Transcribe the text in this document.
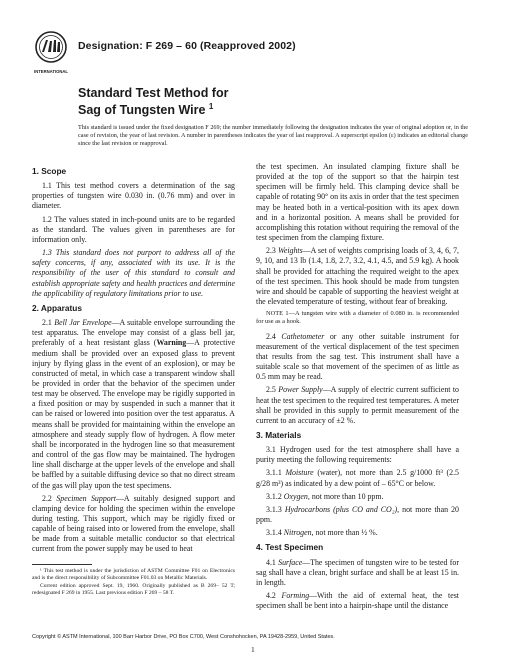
INTERNATIONAL
Designation: F 269 – 60 (Reapproved 2002)
Standard Test Method for
Sag of Tungsten Wire $^1$
This standard is issued under the fixed designation F 269; the number immediately following the designation indicates the year of original adoption or, in the case of revision, the year of last revision. A number in parentheses indicates the year of last reapproval. A superscript epsilon (ε) indicates an editorial change since the last revision or reapproval.
1. Scope

1.1 This test method covers a determination of the sag properties of tungsten wire 0.030 in. (0.76 mm) and over in diameter.

1.2 The values stated in inch-pound units are to be regarded as the standard. The values given in parentheses are for information only.

1.3 This standard does not purport to address all of the safety concerns, if any, associated with its use. It is the responsibility of the user of this standard to consult and establish appropriate safety and health practices and determine the applicability of regulatory limitations prior to use.

2. Apparatus

2.1 Bell Jar Envelope—A suitable envelope surrounding the test apparatus. The envelope may consist of a glass bell jar, preferably of a heat resistant glass (Warning—A protective medium shall be provided over an exposed glass to prevent injury by flying glass in the event of an explosion), or may be constructed of metal, in which case a transparent window shall be provided in order that the behavior of the specimen under test may be observed. The envelope may be rigidly supported in a fixed position or may by suspended in such a manner that it can be raised or lowered into position over the test apparatus. A means shall be provided for maintaining within the envelope an atmosphere and steady supply flow of hydrogen. A flow meter shall be incorporated in the hydrogen line so that measurement and control of the gas flow may be maintained. The hydrogen line shall discharge at the upper levels of the envelope and shall be baffled by a suitable diffusing device so that no direct stream of the gas will play upon the test specimens.

2.2 Specimen Support—A suitably designed support and clamping device for holding the specimen within the envelope during testing. This support, which may be rigidly fixed or capable of being raised into or lowered from the envelope, shall be made from a suitable metallic conductor so that electrical current from the power supply may be used to heat

the test specimen. An insulated clamping fixture shall be provided at the top of the support so that the hairpin test specimen will be firmly held. This clamping device shall be capable of rotating 90° on its axis in order that the test specimen may be heated both in a vertical-position with its apex down and in a horizontal position. A means shall be provided for accomplishing this rotation without requiring the removal of the test specimen from the clamping fixture.

2.3 Weights—A set of weights comprising loads of 3, 4, 6, 7, 9, 10, and 13 lb (1.4, 1.8, 2.7, 3.2, 4.1, 4.5, and 5.9 kg). A hook shall be provided for attaching the required weight to the apex of the test specimen. This hook should be made from tungsten wire and should be capable of supporting the heaviest weight at the elevated temperature of testing, without fear of breaking.

NOTE 1—A tungsten wire with a diameter of 0.080 in. is recommended for use as a hook.

2.4 Cathetometer or any other suitable instrument for measurement of the vertical displacement of the test specimen that results from the sag test. This instrument shall have a suitable scale so that movement of the specimen of as little as 0.5 mm may be read.

2.5 Power Supply—A supply of electric current sufficient to heat the test specimen to the required test temperatures. A meter shall be provided in this supply to permit measurement of the current to an accuracy of ±2 %.

3. Materials

3.1 Hydrogen used for the test atmosphere shall have a purity meeting the following requirements:

3.1.1 Moisture (water), not more than 2.5 g/1000 ft³ (2.5 g/28 m³) as indicated by a dew point of – 65°C or below.

3.1.2 Oxygen, not more than 10 ppm.

3.1.3 Hydrocarbons (plus CO and CO₂), not more than 20 ppm.

3.1.4 Nitrogen, not more than ½ %.

4. Test Specimen

4.1 Surface—The specimen of tungsten wire to be tested for sag shall have a clean, bright surface and shall be at least 15 in. in length.

4.2 Forming—With the aid of external heat, the test specimen shall be bent into a hairpin-shape until the distance

¹ This test method is under the jurisdiction of ASTM Committee F01 on Electronics and is the direct responsibility of Subcommittee F01.03 on Metallic Materials.

Current edition approved Sept. 19, 1960. Originally published as B 269– 52 T; redesignated F 269 in 1955. Last previous edition F 269 – 58 T.

Copyright © ASTM International, 100 Barr Harbor Drive, PO Box C700, West Conshohocken, PA 19428-2959, United States.
1
